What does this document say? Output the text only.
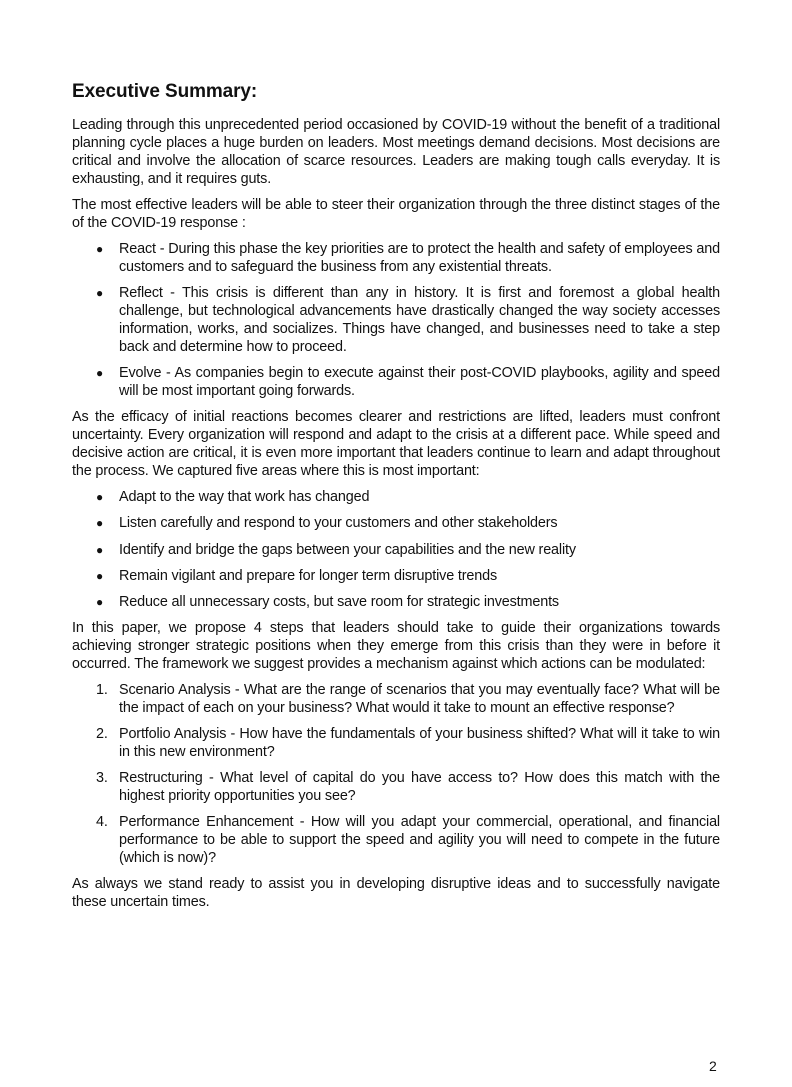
Executive Summary:

Leading through this unprecedented period occasioned by COVID-19 without the benefit of a traditional planning cycle places a huge burden on leaders. Most meetings demand decisions. Most decisions are critical and involve the allocation of scarce resources. Leaders are making tough calls everyday. It is exhausting, and it requires guts.

The most effective leaders will be able to steer their organization through the three distinct stages of the of the COVID-19 response :

● React - During this phase the key priorities are to protect the health and safety of employees and customers and to safeguard the business from any existential threats.
● Reflect - This crisis is different than any in history. It is first and foremost a global health challenge, but technological advancements have drastically changed the way society accesses information, works, and socializes. Things have changed, and businesses need to take a step back and determine how to proceed.
● Evolve - As companies begin to execute against their post-COVID playbooks, agility and speed will be most important going forwards.

As the efficacy of initial reactions becomes clearer and restrictions are lifted, leaders must confront uncertainty. Every organization will respond and adapt to the crisis at a different pace. While speed and decisive action are critical, it is even more important that leaders continue to learn and adapt throughout the process. We captured five areas where this is most important:

● Adapt to the way that work has changed
● Listen carefully and respond to your customers and other stakeholders
● Identify and bridge the gaps between your capabilities and the new reality
● Remain vigilant and prepare for longer term disruptive trends
● Reduce all unnecessary costs, but save room for strategic investments

In this paper, we propose 4 steps that leaders should take to guide their organizations towards achieving stronger strategic positions when they emerge from this crisis than they were in before it occurred. The framework we suggest provides a mechanism against which actions can be modulated:

1. Scenario Analysis - What are the range of scenarios that you may eventually face? What will be the impact of each on your business? What would it take to mount an effective response?
2. Portfolio Analysis - How have the fundamentals of your business shifted? What will it take to win in this new environment?
3. Restructuring - What level of capital do you have access to? How does this match with the highest priority opportunities you see?
4. Performance Enhancement - How will you adapt your commercial, operational, and financial performance to be able to support the speed and agility you will need to compete in the future (which is now)?

As always we stand ready to assist you in developing disruptive ideas and to successfully navigate these uncertain times.

2
